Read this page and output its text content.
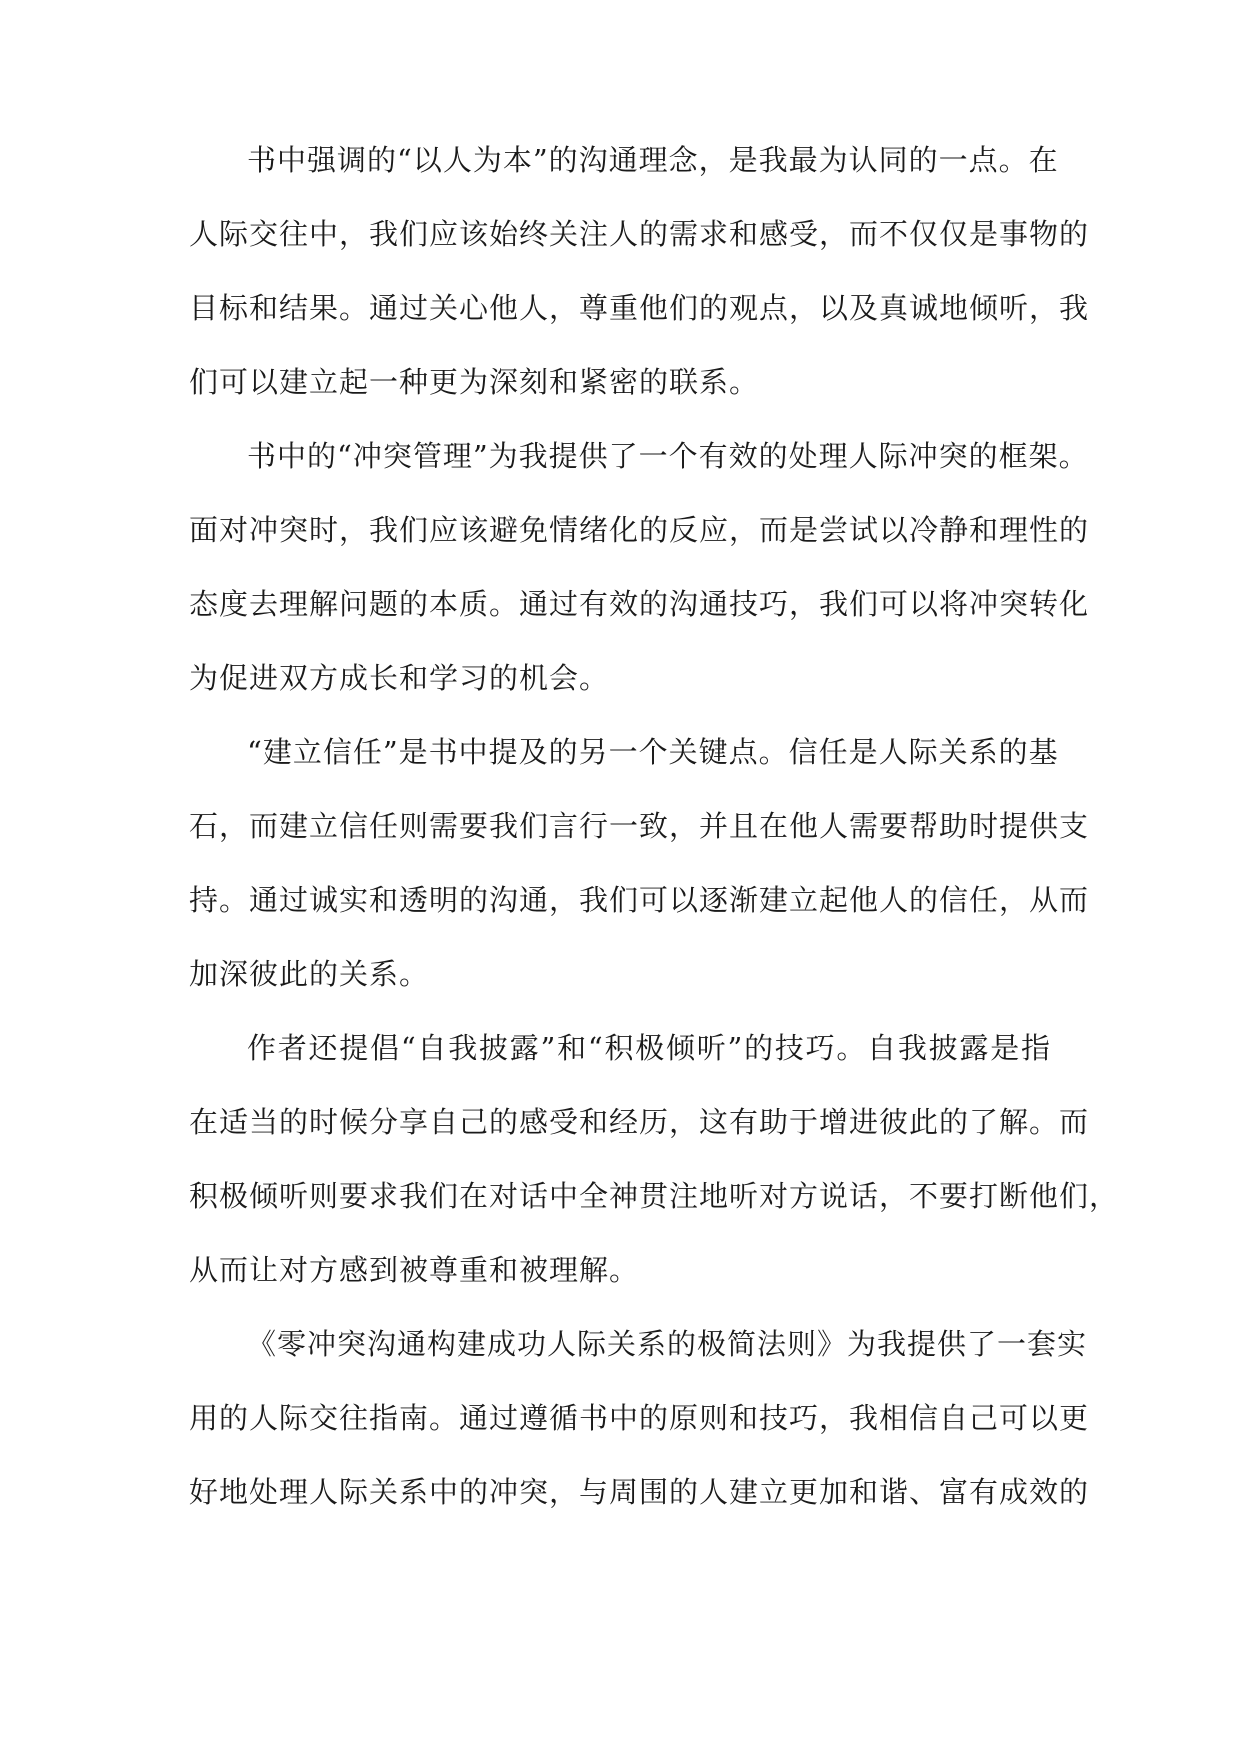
书中强调的“以人为本”的沟通理念，是我最为认同的一点。在
人际交往中，我们应该始终关注人的需求和感受，而不仅仅是事物的
目标和结果。通过关心他人，尊重他们的观点，以及真诚地倾听，我
们可以建立起一种更为深刻和紧密的联系。
书中的“冲突管理”为我提供了一个有效的处理人际冲突的框架。
面对冲突时，我们应该避免情绪化的反应，而是尝试以冷静和理性的
态度去理解问题的本质。通过有效的沟通技巧，我们可以将冲突转化
为促进双方成长和学习的机会。
“建立信任”是书中提及的另一个关键点。信任是人际关系的基
石，而建立信任则需要我们言行一致，并且在他人需要帮助时提供支
持。通过诚实和透明的沟通，我们可以逐渐建立起他人的信任，从而
加深彼此的关系。
作者还提倡“自我披露”和“积极倾听”的技巧。自我披露是指
在适当的时候分享自己的感受和经历，这有助于增进彼此的了解。而
积极倾听则要求我们在对话中全神贯注地听对方说话，不要打断他们，
从而让对方感到被尊重和被理解。
《零冲突沟通构建成功人际关系的极简法则》为我提供了一套实
用的人际交往指南。通过遵循书中的原则和技巧，我相信自己可以更
好地处理人际关系中的冲突，与周围的人建立更加和谐、富有成效的
